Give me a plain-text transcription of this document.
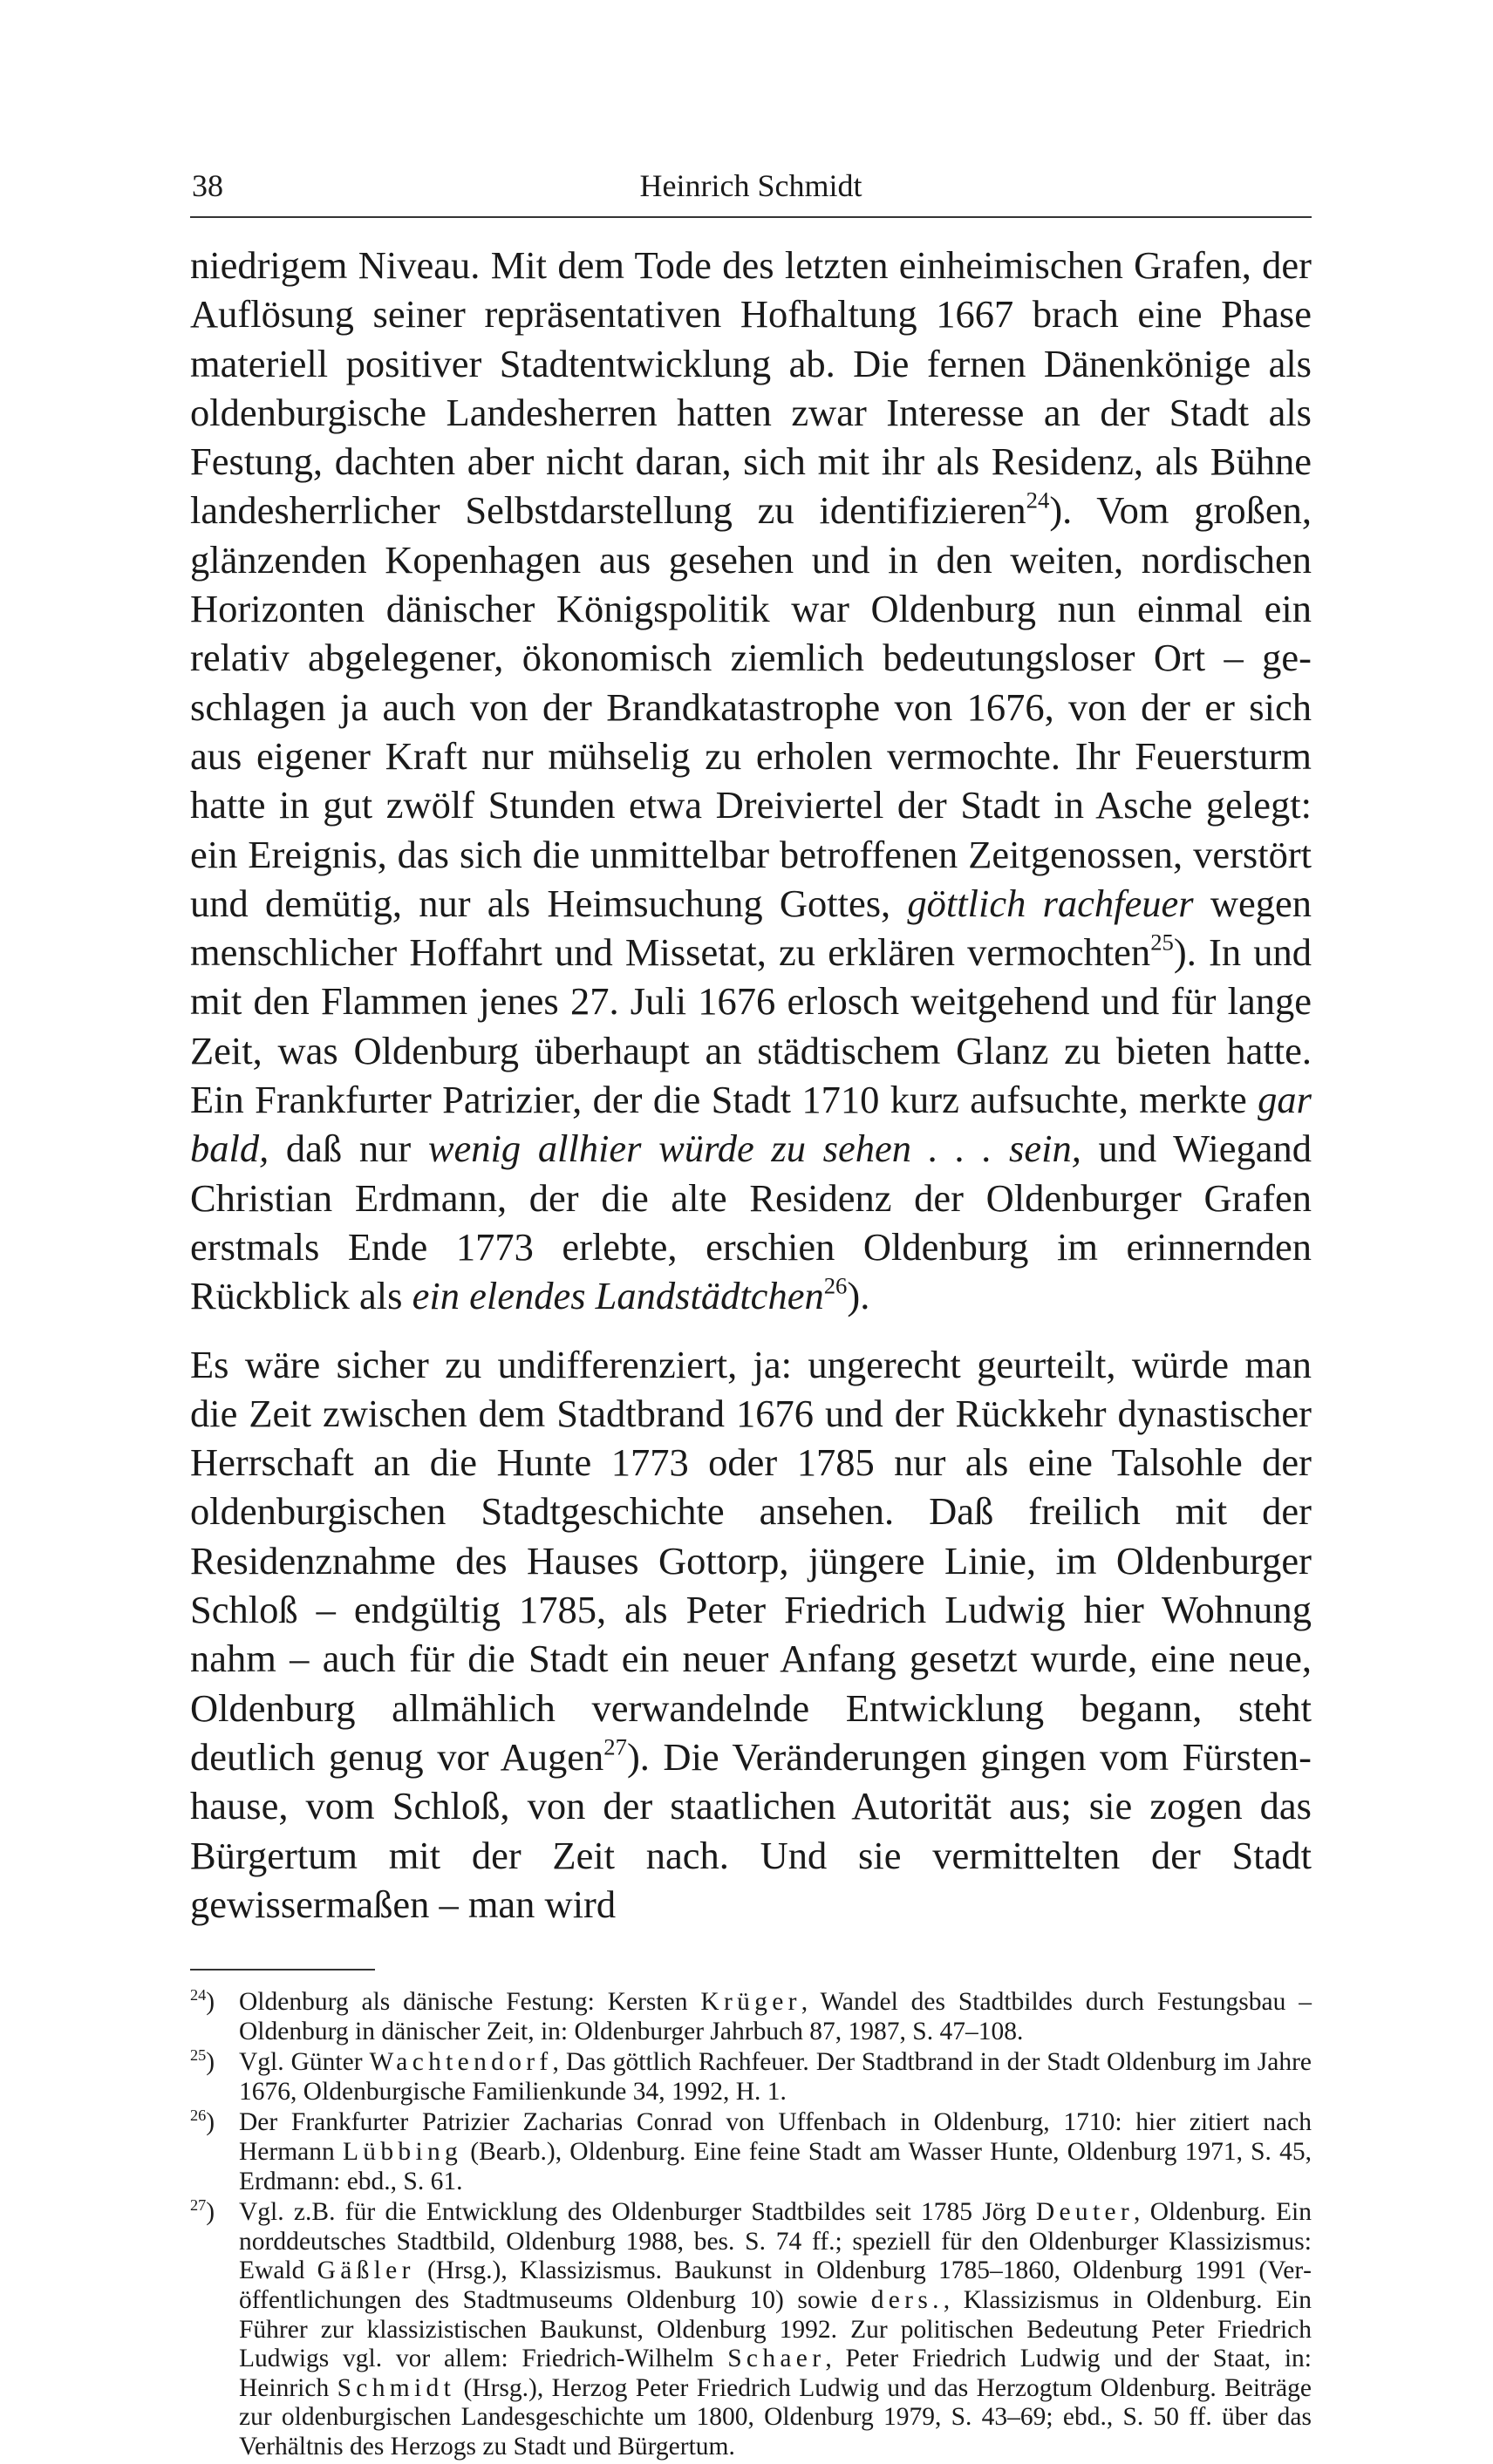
38	Heinrich Schmidt

niedrigem Niveau. Mit dem Tode des letzten einheimischen Grafen, der Auflösung seiner repräsentativen Hofhaltung 1667 brach eine Phase materiell positiver Stadtentwicklung ab. Die fernen Dänenkönige als oldenburgische Landesherren hatten zwar Interesse an der Stadt als Festung, dachten aber nicht daran, sich mit ihr als Residenz, als Bühne landesherrlicher Selbstdarstellung zu identifizieren$^{24}$). Vom großen, glänzenden Kopenhagen aus gesehen und in den weiten, nordischen Horizonten dänischer Königspolitik war Oldenburg nun einmal ein relativ abgelegener, ökonomisch ziemlich bedeutungsloser Ort – geschlagen ja auch von der Brandkatastrophe von 1676, von der er sich aus eigener Kraft nur mühselig zu erholen vermochte. Ihr Feuersturm hatte in gut zwölf Stunden etwa Dreiviertel der Stadt in Asche gelegt: ein Ereignis, das sich die unmittelbar betroffenen Zeitgenossen, verstört und demütig, nur als Heimsuchung Gottes, göttlich rachfeuer wegen menschlicher Hoffahrt und Missetat, zu erklären vermochten$^{25}$). In und mit den Flammen jenes 27. Juli 1676 erlosch weitgehend und für lange Zeit, was Oldenburg überhaupt an städtischem Glanz zu bieten hatte. Ein Frankfurter Patrizier, der die Stadt 1710 kurz aufsuchte, merkte gar bald, daß nur wenig allhier würde zu sehen . . . sein, und Wiegand Christian Erdmann, der die alte Residenz der Oldenburger Grafen erstmals Ende 1773 erlebte, erschien Oldenburg im erinnernden Rückblick als ein elendes Landstädtchen$^{26}$).

Es wäre sicher zu undifferenziert, ja: ungerecht geurteilt, würde man die Zeit zwischen dem Stadtbrand 1676 und der Rückkehr dynastischer Herrschaft an die Hunte 1773 oder 1785 nur als eine Talsohle der oldenburgischen Stadtgeschichte ansehen. Daß freilich mit der Residenznahme des Hauses Gottorp, jüngere Linie, im Oldenburger Schloß – endgültig 1785, als Peter Friedrich Ludwig hier Wohnung nahm – auch für die Stadt ein neuer Anfang gesetzt wurde, eine neue, Oldenburg allmählich verwandelnde Entwicklung begann, steht deutlich genug vor Augen$^{27}$). Die Veränderungen gingen vom Fürstenhause, vom Schloß, von der staatlichen Autorität aus; sie zogen das Bürgertum mit der Zeit nach. Und sie vermittelten der Stadt gewissermaßen – man wird

$^{24}$) Oldenburg als dänische Festung: Kersten Krüger, Wandel des Stadtbildes durch Festungsbau – Oldenburg in dänischer Zeit, in: Oldenburger Jahrbuch 87, 1987, S. 47–108.
$^{25}$) Vgl. Günter Wachtendorf, Das göttlich Rachfeuer. Der Stadtbrand in der Stadt Oldenburg im Jahre 1676, Oldenburgische Familienkunde 34, 1992, H. 1.
$^{26}$) Der Frankfurter Patrizier Zacharias Conrad von Uffenbach in Oldenburg, 1710: hier zitiert nach Hermann Lübbing (Bearb.), Oldenburg. Eine feine Stadt am Wasser Hunte, Oldenburg 1971, S. 45, Erdmann: ebd., S. 61.
$^{27}$) Vgl. z.B. für die Entwicklung des Oldenburger Stadtbildes seit 1785 Jörg Deuter, Oldenburg. Ein norddeutsches Stadtbild, Oldenburg 1988, bes. S. 74 ff.; speziell für den Oldenburger Klassizismus: Ewald Gäßler (Hrsg.), Klassizismus. Baukunst in Oldenburg 1785–1860, Oldenburg 1991 (Veröffentlichungen des Stadtmuseums Oldenburg 10) sowie ders., Klassizismus in Oldenburg. Ein Führer zur klassizistischen Baukunst, Oldenburg 1992. Zur politischen Bedeutung Peter Friedrich Ludwigs vgl. vor allem: Friedrich-Wilhelm Schaer, Peter Friedrich Ludwig und der Staat, in: Heinrich Schmidt (Hrsg.), Herzog Peter Friedrich Ludwig und das Herzogtum Oldenburg. Beiträge zur oldenburgischen Landesgeschichte um 1800, Oldenburg 1979, S. 43–69; ebd., S. 50 ff. über das Verhältnis des Herzogs zu Stadt und Bürgertum.
